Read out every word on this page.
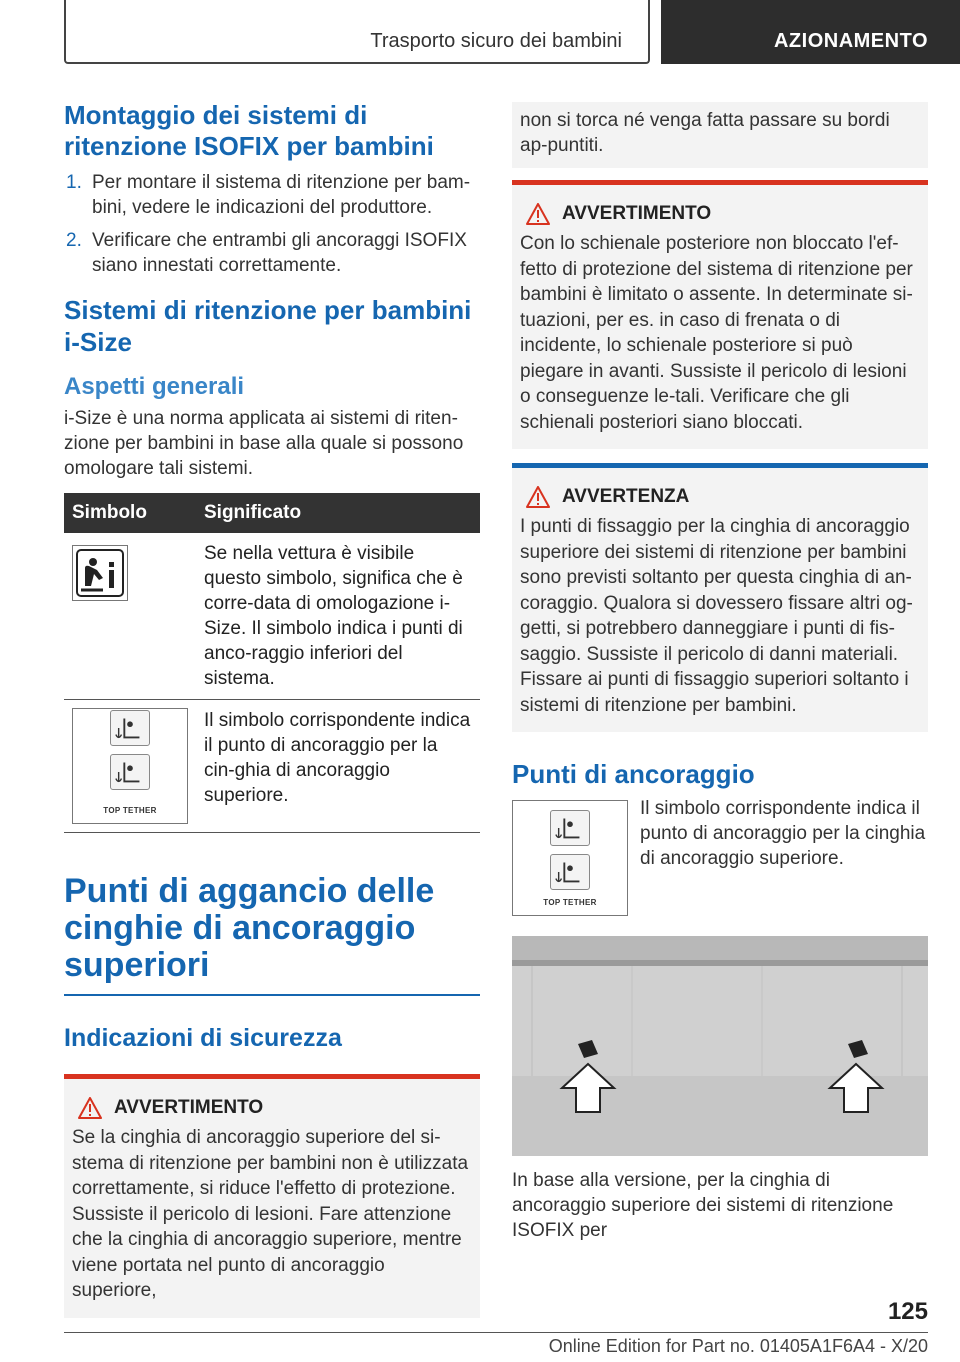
Trasporto sicuro dei bambini	AZIONAMENTO
Montaggio dei sistemi di ritenzione ISOFIX per bambini
1. Per montare il sistema di ritenzione per bam-bini, vedere le indicazioni del produttore.
2. Verificare che entrambi gli ancoraggi ISOFIX siano innestati correttamente.
Sistemi di ritenzione per bambini i-Size
Aspetti generali

i-Size è una norma applicata ai sistemi di riten-zione per bambini in base alla quale si possono omologare tali sistemi.

Simbolo	Significato

	Se nella vettura è visibile questo simbolo, significa che è corre-data di omologazione i-Size. Il simbolo indica i punti di anco-raggio inferiori del sistema.

TOP TETHER	Il simbolo corrispondente indica il punto di ancoraggio per la cin-ghia di ancoraggio superiore.
Punti di aggancio delle cinghie di ancoraggio superiori
Indicazioni di sicurezza
AVVERTIMENTO

Se la cinghia di ancoraggio superiore del si-stema di ritenzione per bambini non è utilizzata correttamente, si riduce l'effetto di protezione. Sussiste il pericolo di lesioni. Fare attenzione che la cinghia di ancoraggio superiore, mentre viene portata nel punto di ancoraggio superiore,

non si torca né venga fatta passare su bordi ap-puntiti.

AVVERTIMENTO

Con lo schienale posteriore non bloccato l'ef-fetto di protezione del sistema di ritenzione per bambini è limitato o assente. In determinate si-tuazioni, per es. in caso di frenata o di incidente, lo schienale posteriore si può piegare in avanti. Sussiste il pericolo di lesioni o conseguenze le-tali. Verificare che gli schienali posteriori siano bloccati.

AVVERTENZA

I punti di fissaggio per la cinghia di ancoraggio superiore dei sistemi di ritenzione per bambini sono previsti soltanto per questa cinghia di an-coraggio. Qualora si dovessero fissare altri og-getti, si potrebbero danneggiare i punti di fis-saggio. Sussiste il pericolo di danni materiali. Fissare ai punti di fissaggio superiori soltanto i sistemi di ritenzione per bambini.

Punti di ancoraggio
TOP TETHER

Il simbolo corrispondente indica il punto di ancoraggio per la cinghia di ancoraggio superiore.

In base alla versione, per la cinghia di ancoraggio superiore dei sistemi di ritenzione ISOFIX per

125
Online Edition for Part no. 01405A1F6A4 - X/20
